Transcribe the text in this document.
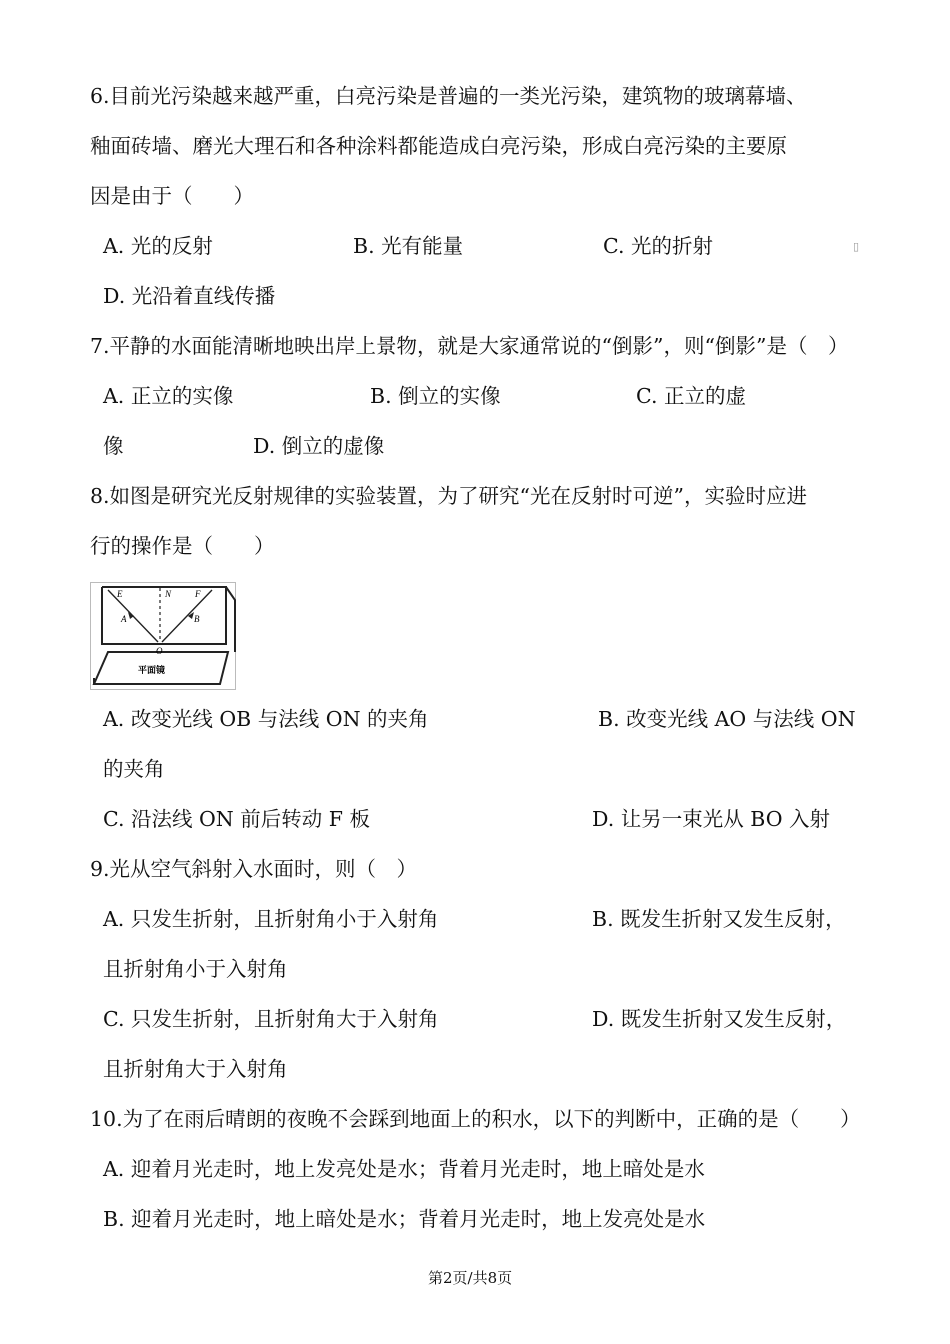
6.目前光污染越来越严重，白亮污染是普遍的一类光污染，建筑物的玻璃幕墙、
釉面砖墙、磨光大理石和各种涂料都能造成白亮污染，形成白亮污染的主要原
因是由于（　　）
A. 光的反射	B. 光有能量	C. 光的折射	▯
D. 光沿着直线传播
7.平静的水面能清晰地映出岸上景物，就是大家通常说的“倒影”，则“倒影”是（　）
A. 正立的实像	B. 倒立的实像	C. 正立的虚
像	D. 倒立的虚像
8.如图是研究光反射规律的实验装置，为了研究“光在反射时可逆”，实验时应进
行的操作是（　　）
E	N	F
A	B
O
平面镜
A. 改变光线 OB 与法线 ON 的夹角	B. 改变光线 AO 与法线 ON
的夹角
C. 沿法线 ON 前后转动 F 板	D. 让另一束光从 BO 入射
9.光从空气斜射入水面时，则（　）
A. 只发生折射，且折射角小于入射角	B. 既发生折射又发生反射，
且折射角小于入射角
C. 只发生折射，且折射角大于入射角	D. 既发生折射又发生反射，
且折射角大于入射角
10.为了在雨后晴朗的夜晚不会踩到地面上的积水，以下的判断中，正确的是（　　）
A. 迎着月光走时，地上发亮处是水；背着月光走时，地上暗处是水
B. 迎着月光走时，地上暗处是水；背着月光走时，地上发亮处是水
第2页/共8页
